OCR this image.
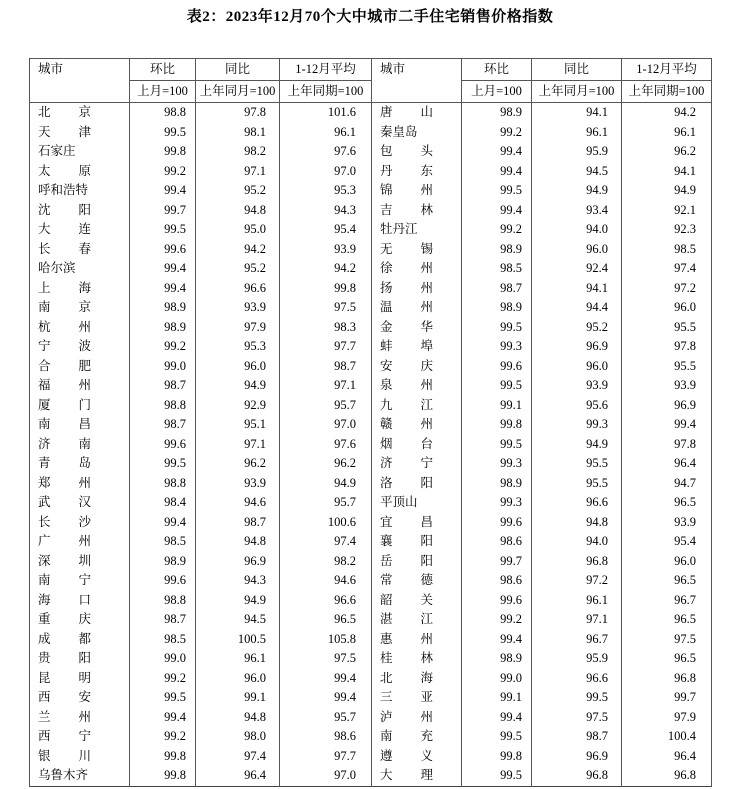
表2：2023年12月70个大中城市二手住宅销售价格指数
城市	环比	同比	1-12月平均	城市	环比	同比	1-12月平均
	上月=100	上年同月=100	上年同期=100		上月=100	上年同月=100	上年同期=100
北京	98.8	97.8	101.6	唐山	98.9	94.1	94.2
天津	99.5	98.1	96.1	秦皇岛	99.2	96.1	96.1
石家庄	99.8	98.2	97.6	包头	99.4	95.9	96.2
太原	99.2	97.1	97.0	丹东	99.4	94.5	94.1
呼和浩特	99.4	95.2	95.3	锦州	99.5	94.9	94.9
沈阳	99.7	94.8	94.3	吉林	99.4	93.4	92.1
大连	99.5	95.0	95.4	牡丹江	99.2	94.0	92.3
长春	99.6	94.2	93.9	无锡	98.9	96.0	98.5
哈尔滨	99.4	95.2	94.2	徐州	98.5	92.4	97.4
上海	99.4	96.6	99.8	扬州	98.7	94.1	97.2
南京	98.9	93.9	97.5	温州	98.9	94.4	96.0
杭州	98.9	97.9	98.3	金华	99.5	95.2	95.5
宁波	99.2	95.3	97.7	蚌埠	99.3	96.9	97.8
合肥	99.0	96.0	98.7	安庆	99.6	96.0	95.5
福州	98.7	94.9	97.1	泉州	99.5	93.9	93.9
厦门	98.8	92.9	95.7	九江	99.1	95.6	96.9
南昌	98.7	95.1	97.0	赣州	99.8	99.3	99.4
济南	99.6	97.1	97.6	烟台	99.5	94.9	97.8
青岛	99.5	96.2	96.2	济宁	99.3	95.5	96.4
郑州	98.8	93.9	94.9	洛阳	98.9	95.5	94.7
武汉	98.4	94.6	95.7	平顶山	99.3	96.6	96.5
长沙	99.4	98.7	100.6	宜昌	99.6	94.8	93.9
广州	98.5	94.8	97.4	襄阳	98.6	94.0	95.4
深圳	98.9	96.9	98.2	岳阳	99.7	96.8	96.0
南宁	99.6	94.3	94.6	常德	98.6	97.2	96.5
海口	98.8	94.9	96.6	韶关	99.6	96.1	96.7
重庆	98.7	94.5	96.5	湛江	99.2	97.1	96.5
成都	98.5	100.5	105.8	惠州	99.4	96.7	97.5
贵阳	99.0	96.1	97.5	桂林	98.9	95.9	96.5
昆明	99.2	96.0	99.4	北海	99.0	96.6	96.8
西安	99.5	99.1	99.4	三亚	99.1	99.5	99.7
兰州	99.4	94.8	95.7	泸州	99.4	97.5	97.9
西宁	99.2	98.0	98.6	南充	99.5	98.7	100.4
银川	99.8	97.4	97.7	遵义	99.8	96.9	96.4
乌鲁木齐	99.8	96.4	97.0	大理	99.5	96.8	96.8
